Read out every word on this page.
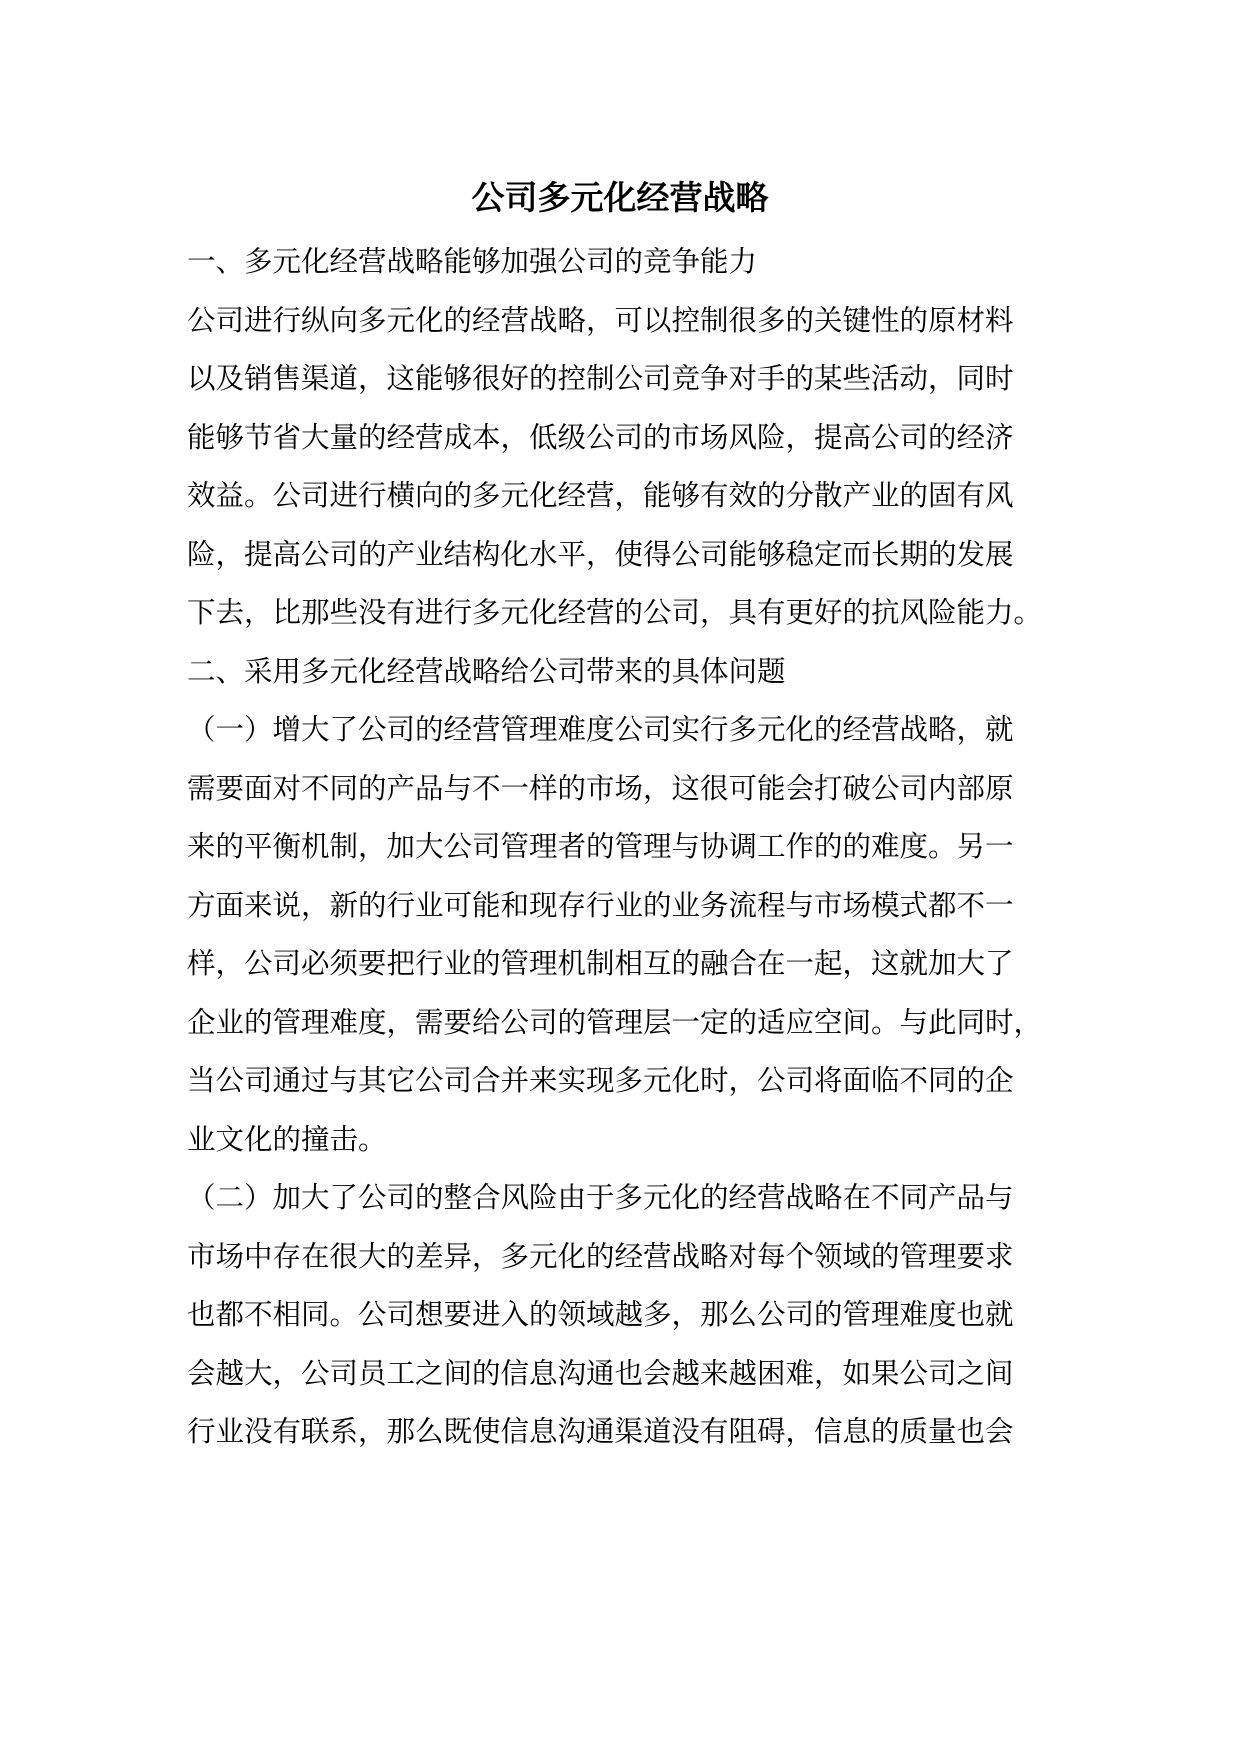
公司多元化经营战略
一、多元化经营战略能够加强公司的竞争能力
公司进行纵向多元化的经营战略，可以控制很多的关键性的原材料
以及销售渠道，这能够很好的控制公司竞争对手的某些活动，同时
能够节省大量的经营成本，低级公司的市场风险，提高公司的经济
效益。公司进行横向的多元化经营，能够有效的分散产业的固有风
险，提高公司的产业结构化水平，使得公司能够稳定而长期的发展
下去，比那些没有进行多元化经营的公司，具有更好的抗风险能力。
二、采用多元化经营战略给公司带来的具体问题
（一）增大了公司的经营管理难度公司实行多元化的经营战略，就
需要面对不同的产品与不一样的市场，这很可能会打破公司内部原
来的平衡机制，加大公司管理者的管理与协调工作的的难度。另一
方面来说，新的行业可能和现存行业的业务流程与市场模式都不一
样，公司必须要把行业的管理机制相互的融合在一起，这就加大了
企业的管理难度，需要给公司的管理层一定的适应空间。与此同时，
当公司通过与其它公司合并来实现多元化时，公司将面临不同的企
业文化的撞击。
（二）加大了公司的整合风险由于多元化的经营战略在不同产品与
市场中存在很大的差异，多元化的经营战略对每个领域的管理要求
也都不相同。公司想要进入的领域越多，那么公司的管理难度也就
会越大，公司员工之间的信息沟通也会越来越困难，如果公司之间
行业没有联系，那么既使信息沟通渠道没有阻碍，信息的质量也会
